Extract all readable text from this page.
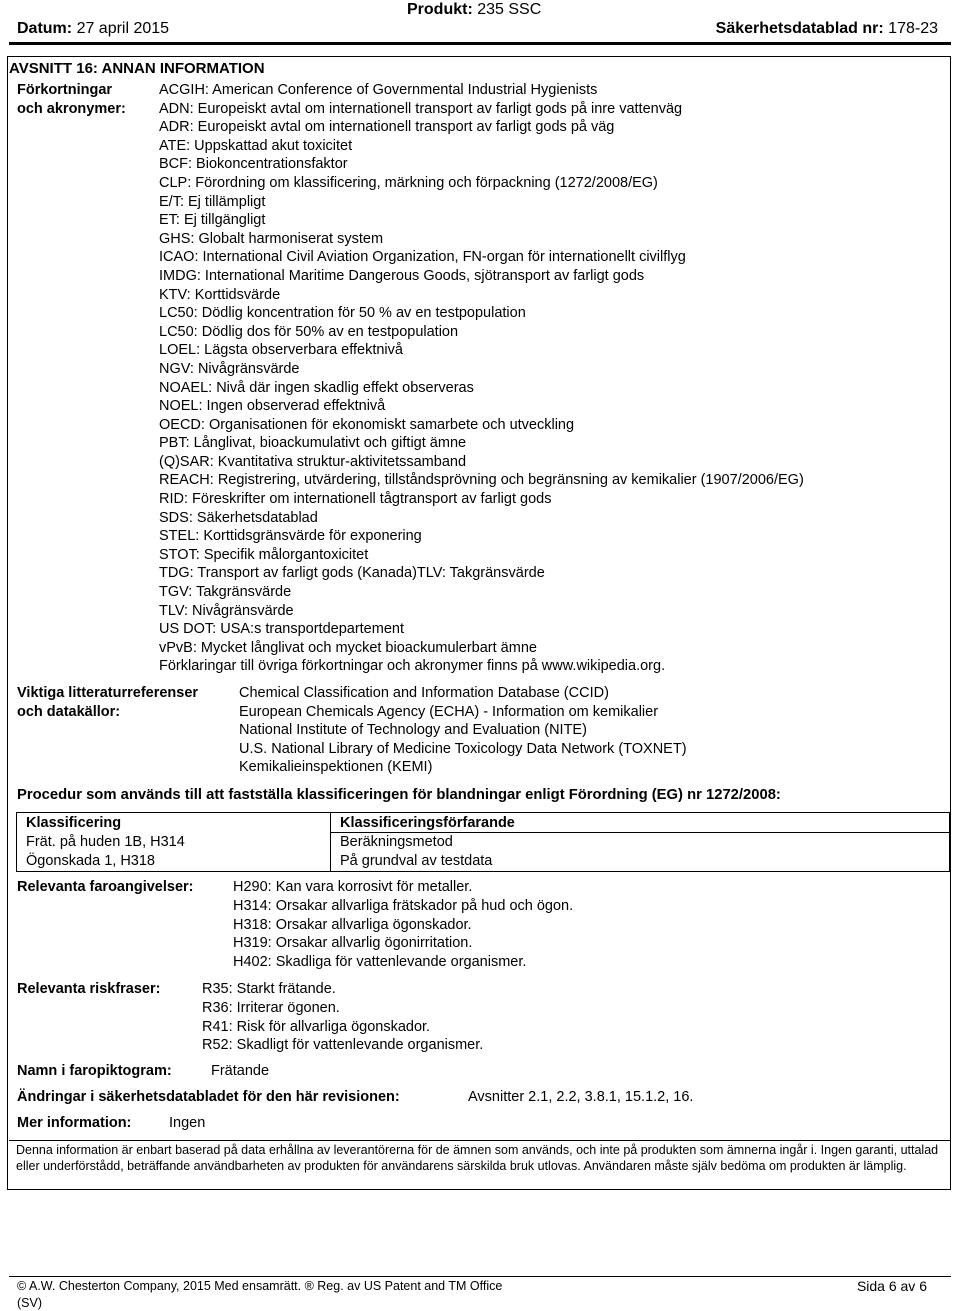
Datum: 27 april 2015
Produkt: 235 SSC
Säkerhetsdatablad nr: 178-23
AVSNITT 16: ANNAN INFORMATION
Förkortningar
och akronymer:
ACGIH: American Conference of Governmental Industrial Hygienists
ADN: Europeiskt avtal om internationell transport av farligt gods på inre vattenväg
ADR: Europeiskt avtal om internationell transport av farligt gods på väg
ATE: Uppskattad akut toxicitet
BCF: Biokoncentrationsfaktor
CLP: Förordning om klassificering, märkning och förpackning (1272/2008/EG)
E/T: Ej tillämpligt
ET: Ej tillgängligt
GHS: Globalt harmoniserat system
ICAO: International Civil Aviation Organization, FN-organ för internationellt civilflyg
IMDG: International Maritime Dangerous Goods, sjötransport av farligt gods
KTV: Korttidsvärde
LC50: Dödlig koncentration för 50 % av en testpopulation
LC50: Dödlig dos för 50% av en testpopulation
LOEL: Lägsta observerbara effektnivå
NGV: Nivågränsvärde
NOAEL: Nivå där ingen skadlig effekt observeras
NOEL: Ingen observerad effektnivå
OECD: Organisationen för ekonomiskt samarbete och utveckling
PBT: Långlivat, bioackumulativt och giftigt ämne
(Q)SAR: Kvantitativa struktur-aktivitetssamband
REACH: Registrering, utvärdering, tillståndsprövning och begränsning av kemikalier (1907/2006/EG)
RID: Föreskrifter om internationell tågtransport av farligt gods
SDS: Säkerhetsdatablad
STEL: Korttidsgränsvärde för exponering
STOT: Specifik målorgantoxicitet
TDG: Transport av farligt gods (Kanada)TLV: Takgränsvärde
TGV: Takgränsvärde
TLV: Nivågränsvärde
US DOT: USA:s transportdepartement
vPvB: Mycket långlivat och mycket bioackumulerbart ämne
Förklaringar till övriga förkortningar och akronymer finns på www.wikipedia.org.
Viktiga litteraturreferenser
och datakällor:
Chemical Classification and Information Database (CCID)
European Chemicals Agency (ECHA) - Information om kemikalier
National Institute of Technology and Evaluation (NITE)
U.S. National Library of Medicine Toxicology Data Network (TOXNET)
Kemikalieinspektionen (KEMI)
Procedur som används till att fastställa klassificeringen för blandningar enligt Förordning (EG) nr 1272/2008:
Klassificering	Klassificeringsförfarande
Frät. på huden 1B, H314	Beräkningsmetod
Ögonskada 1, H318	På grundval av testdata
Relevanta faroangivelser:	H290: Kan vara korrosivt för metaller.
H314: Orsakar allvarliga frätskador på hud och ögon.
H318: Orsakar allvarliga ögonskador.
H319: Orsakar allvarlig ögonirritation.
H402: Skadliga för vattenlevande organismer.
Relevanta riskfraser:	R35: Starkt frätande.
R36: Irriterar ögonen.
R41: Risk för allvarliga ögonskador.
R52: Skadligt för vattenlevande organismer.
Namn i faropiktogram:	Frätande
Ändringar i säkerhetsdatabladet för den här revisionen:	Avsnitter 2.1, 2.2, 3.8.1, 15.1.2, 16.
Mer information:	Ingen
Denna information är enbart baserad på data erhållna av leverantörerna för de ämnen som används, och inte på produkten som ämnerna ingår i. Ingen garanti, uttalad eller underförstådd, beträffande användbarheten av produkten för användarens särskilda bruk utlovas. Användaren måste själv bedöma om produkten är lämplig.
© A.W. Chesterton Company, 2015 Med ensamrätt. ® Reg. av US Patent and TM Office
(SV)
Sida 6 av 6
